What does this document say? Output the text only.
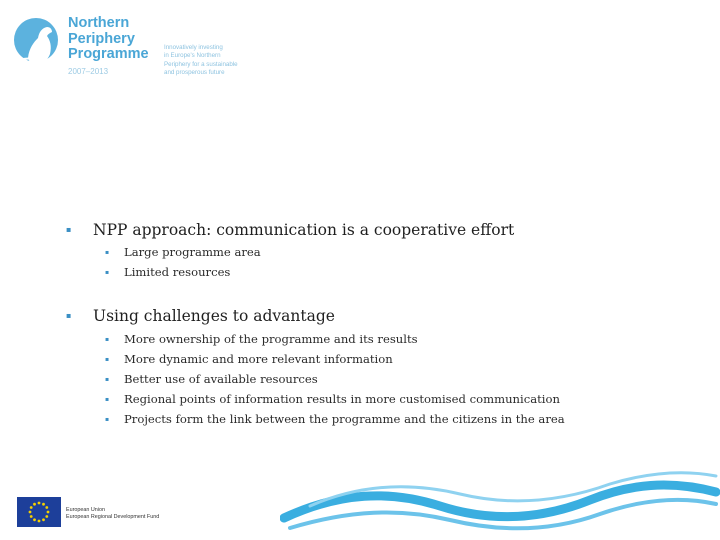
Northern
Periphery
Programme
2007–2013
Innovatively investing
in Europe's Northern
Periphery for a sustainable
and prosperous future
▪ NPP approach: communication is a cooperative effort
▪ Large programme area
▪ Limited resources
▪ Using challenges to advantage
▪ More ownership of the programme and its results
▪ More dynamic and more relevant information
▪ Better use of available resources
▪ Regional points of information results in more customised communication
▪ Projects form the link between the programme and the citizens in the area
European Union
European Regional Development Fund
